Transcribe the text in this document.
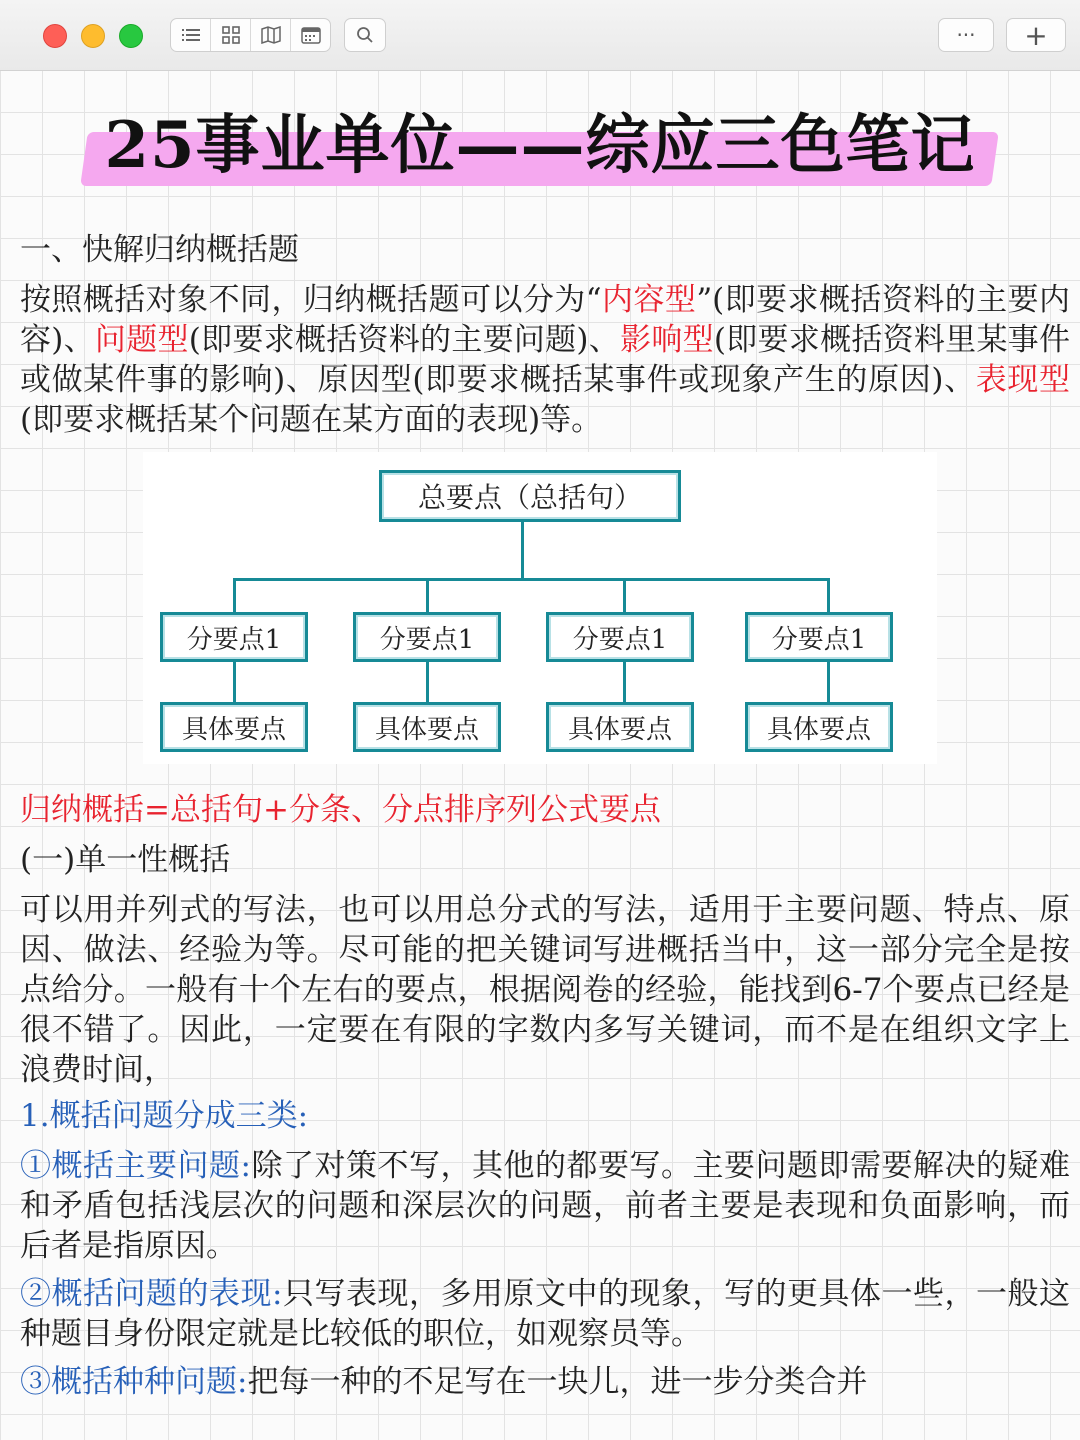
···	+
25事业单位——综应三色笔记

一、快解归纳概括题

按照概括对象不同，归纳概括题可以分为“内容型”(即要求概括资料的主要内容)、问题型(即要求概括资料的主要问题)、影响型(即要求概括资料里某事件或做某件事的影响)、原因型(即要求概括某事件或现象产生的原因)、表现型(即要求概括某个问题在某方面的表现)等。

总要点（总括句）
分要点1	分要点1	分要点1	分要点1
具体要点	具体要点	具体要点	具体要点

归纳概括=总括句+分条、分点排序列公式要点

(一)单一性概括

可以用并列式的写法，也可以用总分式的写法，适用于主要问题、特点、原因、做法、经验为等。尽可能的把关键词写进概括当中，这一部分完全是按点给分。一般有十个左右的要点，根据阅卷的经验，能找到6-7个要点已经是很不错了。因此，一定要在有限的字数内多写关键词，而不是在组织文字上浪费时间，

1.概括问题分成三类:

①概括主要问题:除了对策不写，其他的都要写。主要问题即需要解决的疑难和矛盾包括浅层次的问题和深层次的问题，前者主要是表现和负面影响，而后者是指原因。

②概括问题的表现:只写表现，多用原文中的现象，写的更具体一些，一般这种题目身份限定就是比较低的职位，如观察员等。

③概括种种问题:把每一种的不足写在一块儿，进一步分类合并
